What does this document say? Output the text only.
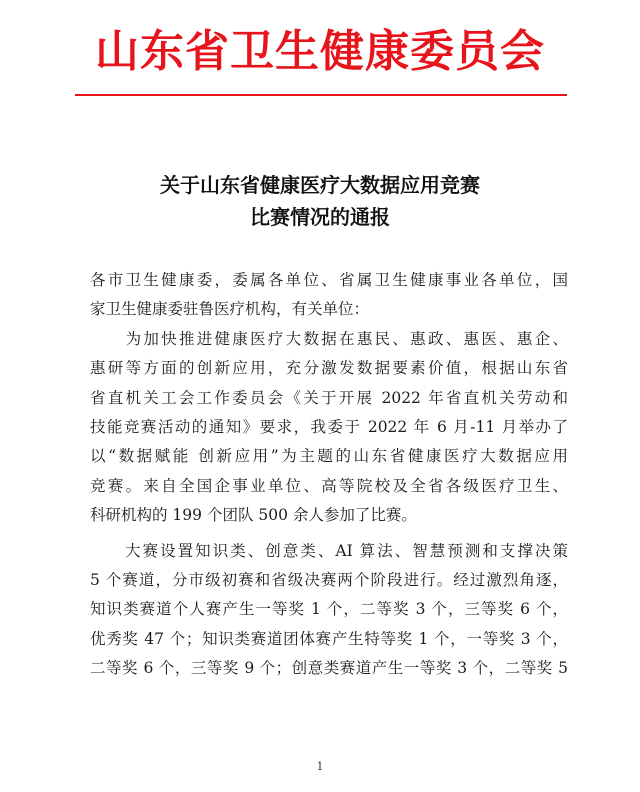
山东省卫生健康委员会
关于山东省健康医疗大数据应用竞赛
比赛情况的通报
各市卫生健康委，委属各单位、省属卫生健康事业各单位，国
家卫生健康委驻鲁医疗机构，有关单位：
　　为加快推进健康医疗大数据在惠民、惠政、惠医、惠企、
惠研等方面的创新应用，充分激发数据要素价值，根据山东省
省直机关工会工作委员会《关于开展 2022 年省直机关劳动和
技能竞赛活动的通知》要求，我委于 2022 年 6 月-11 月举办了
以“数据赋能 创新应用”为主题的山东省健康医疗大数据应用
竞赛。来自全国企事业单位、高等院校及全省各级医疗卫生、
科研机构的 199 个团队 500 余人参加了比赛。
　　大赛设置知识类、创意类、AI 算法、智慧预测和支撑决策
5 个赛道，分市级初赛和省级决赛两个阶段进行。经过激烈角逐，
知识类赛道个人赛产生一等奖 1 个，二等奖 3 个，三等奖 6 个，
优秀奖 47 个；知识类赛道团体赛产生特等奖 1 个，一等奖 3 个，
二等奖 6 个，三等奖 9 个；创意类赛道产生一等奖 3 个，二等奖 5
1
